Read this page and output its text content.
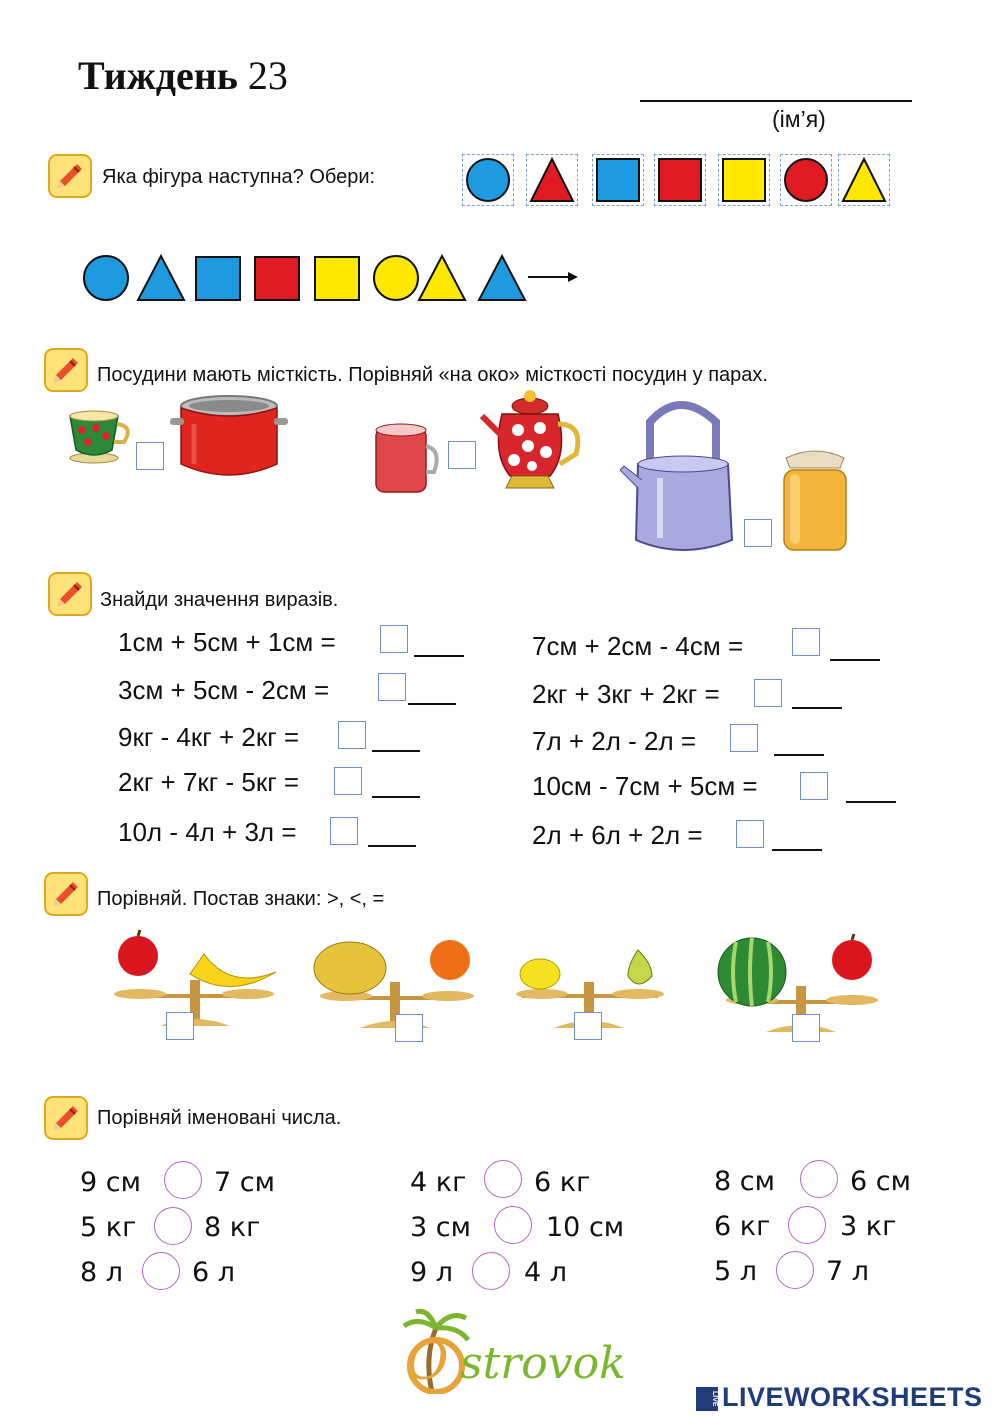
Тиждень 23
(ім’я)
Яка фігура наступна? Обери:
Посудини мають місткість. Порівняй «на око» місткості посудин у парах.
Знайди значення виразів.
1см + 5см + 1см =
3см + 5см - 2см =
9кг - 4кг + 2кг =
2кг + 7кг - 5кг =
10л - 4л + 3л =
7см + 2см - 4см =
2кг + 3кг + 2кг =
7л + 2л - 2л =
10см - 7см + 5см =
2л + 6л + 2л =
Порівняй. Постав знаки: >, <, =
Порівняй іменовані числа.
9 см	7 см
5 кг	8 кг
8 л	6 л
4 кг	6 кг
3 см	10 см
9 л	4 л
8 см	6 см
6 кг	3 кг
5 л	7 л
O strovok
LIVE LIVEWORKSHEETS
